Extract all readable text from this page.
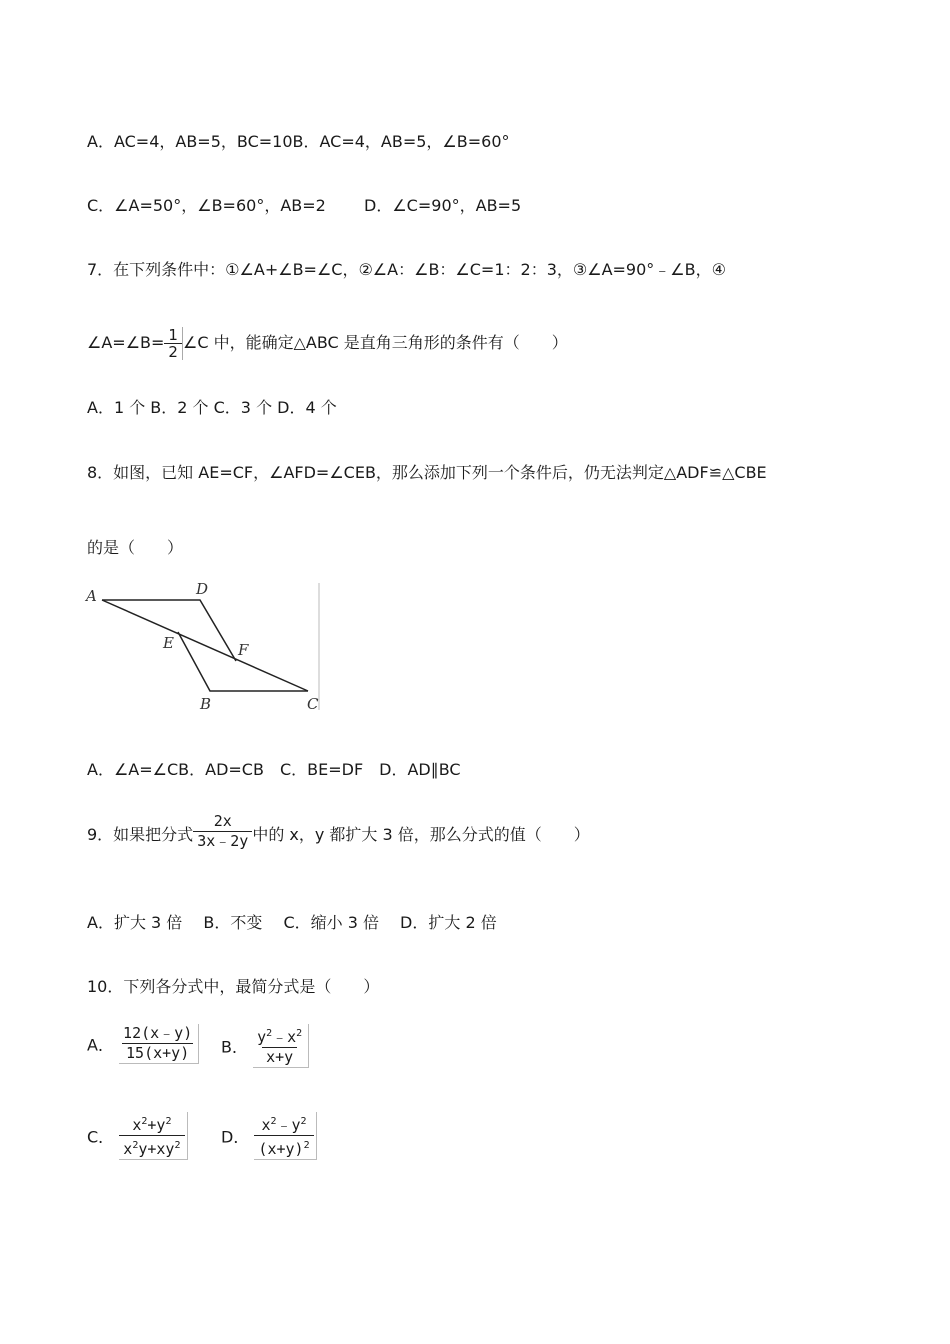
A．AC=4，AB=5，BC=10B．AC=4，AB=5，∠B=60°
C．∠A=50°，∠B=60°，AB=2 D．∠C=90°，AB=5
7．在下列条件中：①∠A+∠B=∠C，②∠A：∠B：∠C=1：2：3，③∠A=90°﹣∠B，④
∠A=∠B= $\frac{1}{2}$ ∠C 中，能确定△ABC 是直角三角形的条件有（　　）
A．1 个 B．2 个 C．3 个 D．4 个
8．如图，已知 AE=CF，∠AFD=∠CEB，那么添加下列一个条件后，仍无法判定△ADF≌△CBE
的是（　　）
A	D
E	F
B	C
A．∠A=∠CB．AD=CB　C．BE=DF　D．AD∥BC
9．如果把分式 $\frac{2x}{3x﹣2y}$ 中的 x，y 都扩大 3 倍，那么分式的值（　　）
A．扩大 3 倍　 B．不变　 C．缩小 3 倍　 D．扩大 2 倍
10．下列各分式中，最简分式是（　　）
A． $\frac{12(x﹣y)}{15(x+y)}$ B． $\frac{y^2﹣x^2}{x+y}$
C． $\frac{x^2+y^2}{x^2y+xy^2}$ D． $\frac{x^2﹣y^2}{(x+y)^2}$
